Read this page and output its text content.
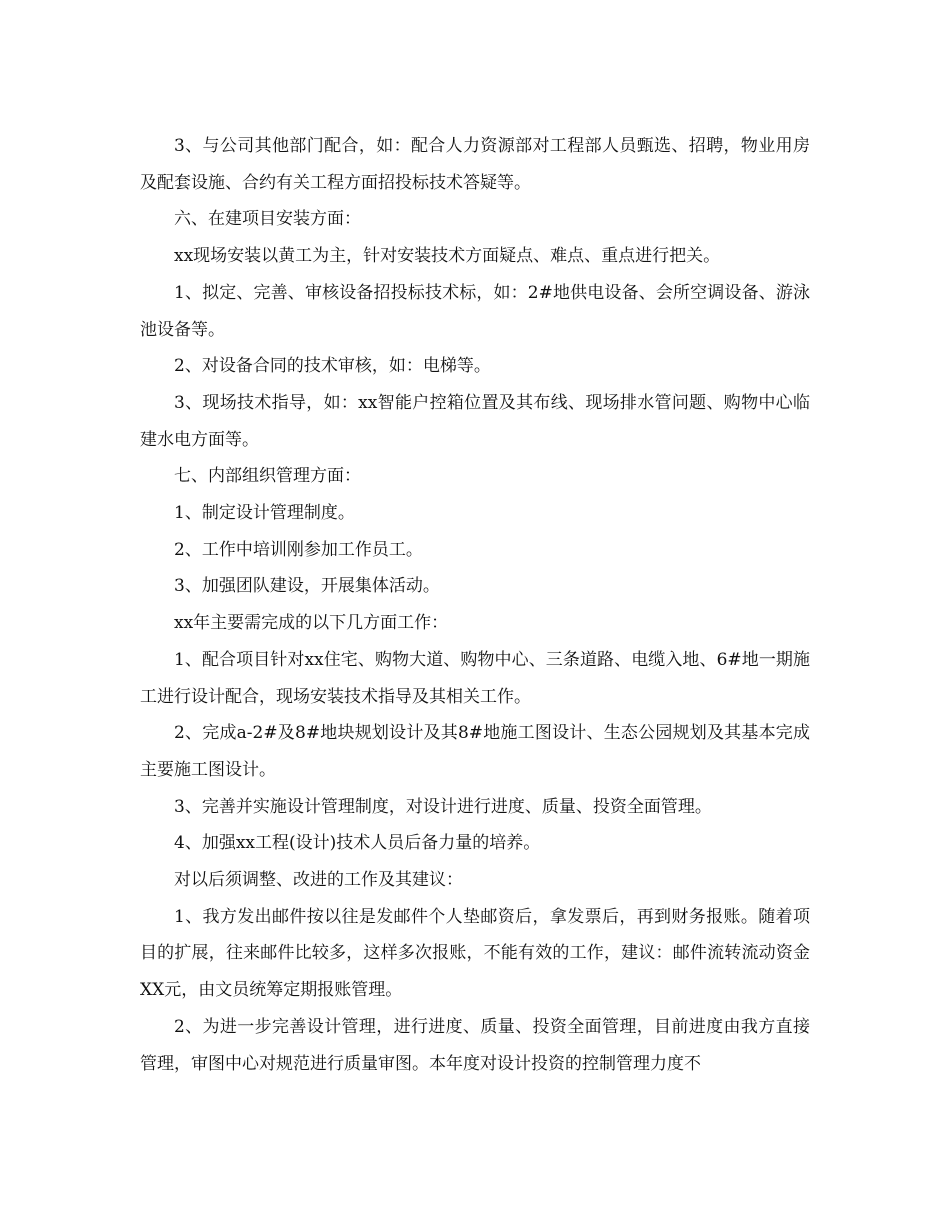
3、与公司其他部门配合，如：配合人力资源部对工程部人员甄选、招聘，物业用房及配套设施、合约有关工程方面招投标技术答疑等。

六、在建项目安装方面：

xx现场安装以黄工为主，针对安装技术方面疑点、难点、重点进行把关。

1、拟定、完善、审核设备招投标技术标，如：2#地供电设备、会所空调设备、游泳池设备等。

2、对设备合同的技术审核，如：电梯等。

3、现场技术指导，如：xx智能户控箱位置及其布线、现场排水管问题、购物中心临建水电方面等。

七、内部组织管理方面：

1、制定设计管理制度。

2、工作中培训刚参加工作员工。

3、加强团队建设，开展集体活动。

xx年主要需完成的以下几方面工作：

1、配合项目针对xx住宅、购物大道、购物中心、三条道路、电缆入地、6#地一期施工进行设计配合，现场安装技术指导及其相关工作。

2、完成a-2#及8#地块规划设计及其8#地施工图设计、生态公园规划及其基本完成主要施工图设计。

3、完善并实施设计管理制度，对设计进行进度、质量、投资全面管理。

4、加强xx工程(设计)技术人员后备力量的培养。

对以后须调整、改进的工作及其建议：

1、我方发出邮件按以往是发邮件个人垫邮资后，拿发票后，再到财务报账。随着项目的扩展，往来邮件比较多，这样多次报账，不能有效的工作，建议：邮件流转流动资金XX元，由文员统筹定期报账管理。

2、为进一步完善设计管理，进行进度、质量、投资全面管理，目前进度由我方直接管理，审图中心对规范进行质量审图。本年度对设计投资的控制管理力度不
